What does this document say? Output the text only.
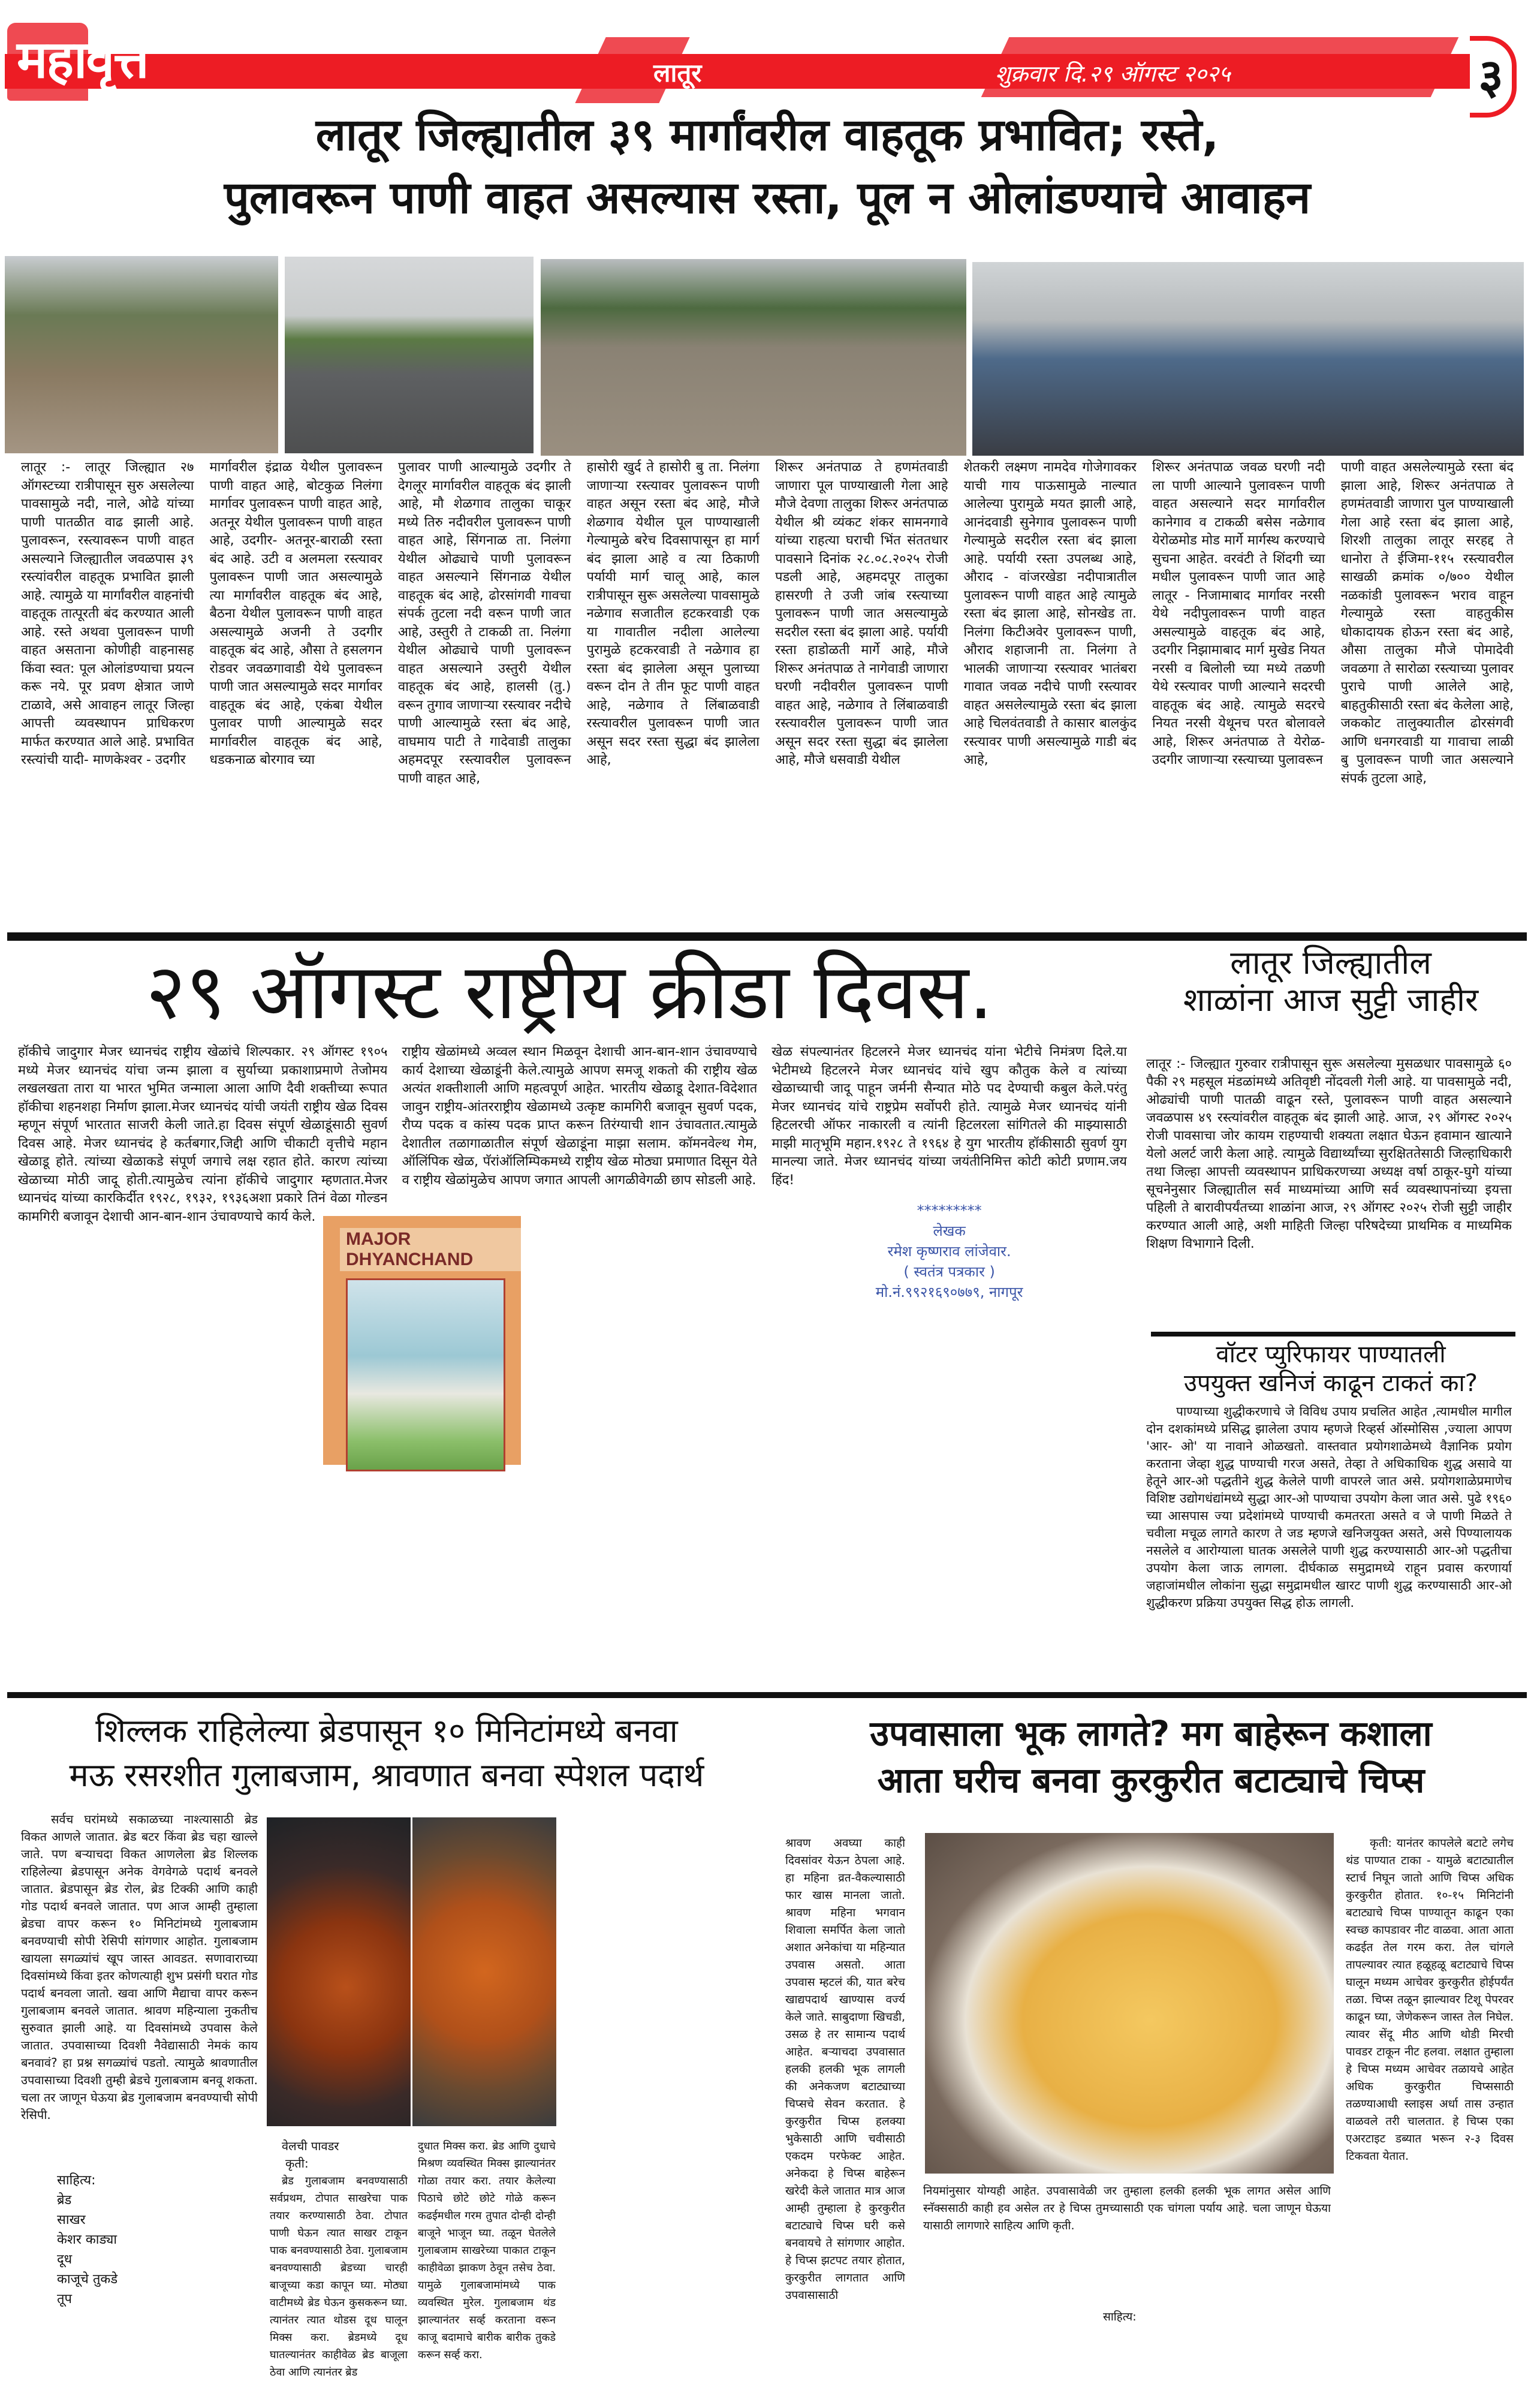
महावृत्त	लातूर	शुक्रवार दि.२९ ऑगस्ट २०२५	३
लातूर जिल्ह्यातील ३९ मार्गांवरील वाहतूक प्रभावित; रस्ते,
पुलावरून पाणी वाहत असल्यास रस्ता, पूल न ओलांडण्याचे आवाहन
लातूर :- लातूर जिल्ह्यात २७ ऑगस्टच्या रात्रीपासून सुरु असलेल्या पावसामुळे नदी, नाले, ओढे यांच्या पाणी पातळीत वाढ झाली आहे. पुलावरून, रस्त्यावरून पाणी वाहत असल्याने जिल्ह्यातील जवळपास ३९ रस्त्यांवरील वाहतूक प्रभावित झाली आहे. त्यामुळे या मार्गांवरील वाहनांची वाहतूक तात्पूरती बंद करण्यात आली आहे. रस्ते अथवा पुलावरून पाणी वाहत असताना कोणीही वाहनासह किंवा स्वत: पूल ओलांडण्याचा प्रयत्न करू नये. पूर प्रवण क्षेत्रात जाणे टाळावे, असे आवाहन लातूर जिल्हा आपत्ती व्यवस्थापन प्राधिकरण मार्फत करण्यात आले आहे. प्रभावित रस्त्यांची यादी- माणकेश्वर - उदगीर
मार्गावरील इंद्राळ येथील पुलावरून पाणी वाहत आहे, बोटकुळ निलंगा मार्गावर पुलावरून पाणी वाहत आहे, अतनूर येथील पुलावरून पाणी वाहत आहे, उदगीर- अतनूर-बाराळी रस्ता बंद आहे. उटी व अलमला रस्त्यावर पुलावरून पाणी जात असल्यामुळे त्या मार्गावरील वाहतूक बंद आहे, बैठना येथील पुलावरून पाणी वाहत असल्यामुळे अजनी ते उदगीर वाहतूक बंद आहे, औसा ते हसलगन रोडवर जवळगावाडी येथे पुलावरून पाणी जात असल्यामुळे सदर मार्गावर वाहतूक बंद आहे, एकंबा येथील पुलावर पाणी आल्यामुळे सदर मार्गावरील वाहतूक बंद आहे, धडकनाळ बोरगाव च्या
पुलावर पाणी आल्यामुळे उदगीर ते देगलूर मार्गावरील वाहतूक बंद झाली आहे, मौ शेळगाव तालुका चाकूर मध्ये तिरु नदीवरील पुलावरून पाणी वाहत आहे, सिंगनाळ ता. निलंगा येथील ओढ्याचे पाणी पुलावरून वाहत असल्याने सिंगनाळ येथील वाहतूक बंद आहे, ढोरसांगवी गावचा संपर्क तुटला नदी वरून पाणी जात आहे, उस्तुरी ते टाकळी ता. निलंगा येथील ओढ्याचे पाणी पुलावरून वाहत असल्याने उस्तुरी येथील वाहतूक बंद आहे, हालसी (तु.) वरून तुगाव जाणाऱ्या रस्त्यावर नदीचे पाणी आल्यामुळे रस्ता बंद आहे, वाघमाय पाटी ते गादेवाडी तालुका अहमदपूर रस्त्यावरील पुलावरून पाणी वाहत आहे,
हासोरी खुर्द ते हासोरी बु ता. निलंगा जाणाऱ्या रस्त्यावर पुलावरून पाणी वाहत असून रस्ता बंद आहे, मौजे शेळगाव येथील पूल पाण्याखाली गेल्यामुळे बरेच दिवसापासून हा मार्ग बंद झाला आहे व त्या ठिकाणी पर्यायी मार्ग चालू आहे, काल रात्रीपासून सुरू असलेल्या पावसामुळे नळेगाव सजातील हटकरवाडी एक या गावातील नदीला आलेल्या पुरामुळे हटकरवाडी ते नळेगाव हा रस्ता बंद झालेला असून पुलाच्या वरून दोन ते तीन फूट पाणी वाहत आहे, नळेगाव ते लिंबाळवाडी रस्त्यावरील पुलावरून पाणी जात असून सदर रस्ता सुद्धा बंद झालेला आहे,
शिरूर अनंतपाळ ते हणमंतवाडी जाणारा पूल पाण्याखाली गेला आहे मौजे देवणा तालुका शिरूर अनंतपाळ येथील श्री व्यंकट शंकर सामनगावे यांच्या राहत्या घराची भिंत संततधार पावसाने दिनांक २८.०८.२०२५ रोजी पडली आहे, अहमदपूर तालुका हासरणी ते उजी जांब रस्त्याच्या पुलावरून पाणी जात असल्यामुळे सदरील रस्ता बंद झाला आहे. पर्यायी रस्ता हाडोळती मार्गे आहे, मौजे शिरूर अनंतपाळ ते नागेवाडी जाणारा घरणी नदीवरील पुलावरून पाणी वाहत आहे, नळेगाव ते लिंबाळवाडी रस्त्यावरील पुलावरून पाणी जात असून सदर रस्ता सुद्धा बंद झालेला आहे, मौजे धसवाडी येथील
शेतकरी लक्ष्मण नामदेव गोजेगावकर याची गाय पाऊसामुळे नाल्यात आलेल्या पुरामुळे मयत झाली आहे, आनंदवाडी सुनेगाव पुलावरून पाणी गेल्यामुळे सदरील रस्ता बंद झाला आहे. पर्यायी रस्ता उपलब्ध आहे, औराद - वांजरखेडा नदीपात्रातील पुलावरून पाणी वाहत आहे त्यामुळे रस्ता बंद झाला आहे, सोनखेड ता. निलंगा किटीअवेर पुलावरून पाणी, औराद शहाजानी ता. निलंगा ते भालकी जाणाऱ्या रस्त्यावर भातंबरा गावात जवळ नदीचे पाणी रस्त्यावर वाहत असलेल्यामुळे रस्ता बंद झाला आहे चिलवंतवाडी ते कासार बालकुंद रस्त्यावर पाणी असल्यामुळे गाडी बंद आहे,
शिरूर अनंतपाळ जवळ घरणी नदी ला पाणी आल्याने पुलावरून पाणी वाहत असल्याने सदर मार्गावरील कानेगाव व टाकळी बसेस नळेगाव येरोळमोड मोड मार्गे मार्गस्थ करण्याचे सुचना आहेत. वरवंटी ते शिंदगी च्या मधील पुलावरून पाणी जात आहे लातूर - निजामाबाद मार्गावर नरसी येथे नदीपुलावरून पाणी वाहत असल्यामुळे वाहतूक बंद आहे, उदगीर निझामाबाद मार्ग मुखेड नियत नरसी व बिलोली च्या मध्ये तळणी येथे रस्त्यावर पाणी आल्याने सदरची वाहतूक बंद आहे. त्यामुळे सदरचे नियत नरसी येथूनच परत बोलावले आहे, शिरूर अनंतपाळ ते येरोळ-उदगीर जाणाऱ्या रस्त्याच्या पुलावरून
पाणी वाहत असलेल्यामुळे रस्ता बंद झाला आहे, शिरूर अनंतपाळ ते हणमंतवाडी जाणारा पुल पाण्याखाली गेला आहे रस्ता बंद झाला आहे, शिरशी तालुका लातूर सरहद्द ते धानोरा ते ईजिमा-११५ रस्त्यावरील साखळी क्रमांक ०/७०० येथील नळकांडी पुलावरून भराव वाहून गेल्यामुळे रस्ता वाहतुकीस धोकादायक होऊन रस्ता बंद आहे, औसा तालुका मौजे पोमादेवी जवळगा ते सारोळा रस्त्याच्या पुलावर पुराचे पाणी आलेले आहे, बाहतुकीसाठी रस्ता बंद केलेला आहे, जककोट तालुक्यातील ढोरसंगवी आणि धनगरवाडी या गावाचा लाळी बु पुलावरून पाणी जात असल्याने संपर्क तुटला आहे,
२९ ऑगस्ट राष्ट्रीय क्रीडा दिवस.

हॉकीचे जादुगार मेजर ध्यानचंद राष्ट्रीय खेळांचे शिल्पकार. २९ ऑगस्ट १९०५ मध्ये मेजर ध्यानचंद यांचा जन्म झाला व सुर्याच्या प्रकाशाप्रमाणे तेजोमय लखलखता तारा या भारत भुमित जन्माला आला आणि दैवी शक्तीच्या रूपात हॉकीचा शहनशहा निर्माण झाला.मेजर ध्यानचंद यांची जयंती राष्ट्रीय खेळ दिवस म्हणून संपूर्ण भारतात साजरी केली जाते.हा दिवस संपूर्ण खेळाडूंसाठी सुवर्ण दिवस आहे. मेजर ध्यानचंद हे कर्तबगार,जिद्दी आणि चीकाटी वृत्तीचे महान खेळाडू होते. त्यांच्या खेळाकडे संपूर्ण जगाचे लक्ष रहात होते. कारण त्यांच्या खेळाच्या मोठी जादू होती.त्यामुळेच त्यांना हॉकीचे जादुगार म्हणतात.मेजर ध्यानचंद यांच्या कारकिर्दीत १९२८, १९३२, १९३६अशा प्रकारे तिनं वेळा गोल्डन कामगिरी बजावून देशाची आन-बान-शान उंचावण्याचे कार्य केले.

राष्ट्रीय खेळांमध्ये अव्वल स्थान मिळवून देशाची आन-बान-शान उंचावण्याचे कार्य देशाच्या खेळाडूंनी केले.त्यामुळे आपण समजू शकतो की राष्ट्रीय खेळ अत्यंत शक्तीशाली आणि महत्वपूर्ण आहेत. भारतीय खेळाडू देशात-विदेशात जावुन राष्ट्रीय-आंतरराष्ट्रीय खेळामध्ये उत्कृष्ट कामगिरी बजावून सुवर्ण पदक, रौप्य पदक व कांस्य पदक प्राप्त करून तिरंग्याची शान उंचावतात.त्यामुळे देशातील तळागाळातील संपूर्ण खेळाडूंना माझा सलाम. कॉमनवेल्थ गेम, ऑलिंपिक खेळ, पॅरांऑलिम्पिकमध्ये राष्ट्रीय खेळ मोठ्या प्रमाणात दिसून येते व राष्ट्रीय खेळांमुळेच आपण जगात आपली आगळीवेगळी छाप सोडली आहे.

खेळ संपल्यानंतर हिटलरने मेजर ध्यानचंद यांना भेटीचे निमंत्रण दिले.या भेटीमध्ये हिटलरने मेजर ध्यानचंद यांचे खुप कौतुक केले व त्यांच्या खेळाच्याची जादू पाहून जर्मनी सैन्यात मोठे पद देण्याची कबुल केले.परंतु मेजर ध्यानचंद यांचे राष्ट्रप्रेम सर्वोपरी होते. त्यामुळे मेजर ध्यानचंद यांनी हिटलरची ऑफर नाकारली व त्यांनी हिटलरला सांगितले की माझ्यासाठी माझी मातृभूमि महान.१९२८ ते १९६४ हे युग भारतीय हॉकीसाठी सुवर्ण युग मानल्या जाते. मेजर ध्यानचंद यांच्या जयंतीनिमित्त कोटी कोटी प्रणाम.जय हिंद!

*********
लेखक
रमेश कृष्णराव लांजेवार.
( स्वतंत्र पत्रकार )
मो.नं.९९२१६९०७७९, नागपूर
MAJOR DHYANCHAND
लातूर जिल्ह्यातील
शाळांना आज सुट्टी जाहीर
लातूर :- जिल्ह्यात गुरुवार रात्रीपासून सुरू असलेल्या मुसळधार पावसामुळे ६० पैकी २९ महसूल मंडळांमध्ये अतिवृष्टी नोंदवली गेली आहे. या पावसामुळे नदी, ओढ्यांची पाणी पातळी वाढून रस्ते, पुलावरून पाणी वाहत असल्याने जवळपास ४९ रस्त्यांवरील वाहतूक बंद झाली आहे. आज, २९ ऑगस्ट २०२५ रोजी पावसाचा जोर कायम राहण्याची शक्यता लक्षात घेऊन हवामान खात्याने येलो अलर्ट जारी केला आहे. त्यामुळे विद्यार्थ्यांच्या सुरक्षिततेसाठी जिल्हाधिकारी तथा जिल्हा आपत्ती व्यवस्थापन प्राधिकरणच्या अध्यक्ष वर्षा ठाकूर-घुगे यांच्या सूचनेनुसार जिल्ह्यातील सर्व माध्यमांच्या आणि सर्व व्यवस्थापनांच्या इयत्ता पहिली ते बारावीपर्यंतच्या शाळांना आज, २९ ऑगस्ट २०२५ रोजी सुट्टी जाहीर करण्यात आली आहे, अशी माहिती जिल्हा परिषदेच्या प्राथमिक व माध्यमिक शिक्षण विभागाने दिली.
वॉटर प्युरिफायर पाण्यातली
उपयुक्त खनिजं काढून टाकतं का?
पाण्याच्या शुद्धीकरणाचे जे विविध उपाय प्रचलित आहेत ,त्यामधील मागील दोन दशकांमध्ये प्रसिद्ध झालेला उपाय म्हणजे रिव्हर्स ऑस्मोसिस ,ज्याला आपण 'आर- ओ' या नावाने ओळखतो. वास्तवात प्रयोगशाळेमध्ये वैज्ञानिक प्रयोग करताना जेव्हा शुद्ध पाण्याची गरज असते, तेव्हा ते अधिकाधिक शुद्ध असावे या हेतूने आर-ओ पद्धतीने शुद्ध केलेले पाणी वापरले जात असे. प्रयोगशाळेप्रमाणेच विशिष्ट उद्योगधंद्यांमध्ये सुद्धा आर-ओ पाण्याचा उपयोग केला जात असे. पुढे १९६० च्या आसपास ज्या प्रदेशांमध्ये पाण्याची कमतरता असते व जे पाणी मिळते ते चवीला मचूळ लागते कारण ते जड म्हणजे खनिजयुक्त असते, असे पिण्यालायक नसलेले व आरोग्याला घातक असलेले पाणी शुद्ध करण्यासाठी आर-ओ पद्धतीचा उपयोग केला जाऊ लागला. दीर्घकाळ समुद्रामध्ये राहून प्रवास करणार्या जहाजांमधील लोकांना सुद्धा समुद्रामधील खारट पाणी शुद्ध करण्यासाठी आर-ओ शुद्धीकरण प्रक्रिया उपयुक्त सिद्ध होऊ लागली.
शिल्लक राहिलेल्या ब्रेडपासून १० मिनिटांमध्ये बनवा
मऊ रसरशीत गुलाबजाम, श्रावणात बनवा स्पेशल पदार्थ
सर्वच घरांमध्ये सकाळच्या नाश्त्यासाठी ब्रेड विकत आणले जातात. ब्रेड बटर किंवा ब्रेड चहा खाल्ले जाते. पण बऱ्याचदा विकत आणलेला ब्रेड शिल्लक राहिलेल्या ब्रेडपासून अनेक वेगवेगळे पदार्थ बनवले जातात. ब्रेडपासून ब्रेड रोल, ब्रेड टिक्की आणि काही गोड पदार्थ बनवले जातात. पण आज आम्ही तुम्हाला ब्रेडचा वापर करून १० मिनिटांमध्ये गुलाबजाम बनवण्याची सोपी रेसिपी सांगणार आहोत. गुलाबजाम खायला सगळ्यांचं खूप जास्त आवडत. सणावाराच्या दिवसांमध्ये किंवा इतर कोणत्याही शुभ प्रसंगी घरात गोड पदार्थ बनवला जातो. खवा आणि मैद्याचा वापर करून गुलाबजाम बनवले जातात. श्रावण महिन्याला नुकतीच सुरुवात झाली आहे. या दिवसांमध्ये उपवास केले जातात. उपवासाच्या दिवशी नैवेद्यासाठी नेमकं काय बनवावं? हा प्रश्न सगळ्यांचं पडतो. त्यामुळे श्रावणातील उपवासाच्या दिवशी तुम्ही ब्रेडचे गुलाबजाम बनवू शकता. चला तर जाणून घेऊया ब्रेड गुलाबजाम बनवण्याची सोपी रेसिपी.
साहित्य:
ब्रेड
साखर
केशर काड्या
दूध
काजूचे तुकडे
तूप
वेलची पावडर
कृती:
ब्रेड गुलाबजाम बनवण्यासाठी सर्वप्रथम, टोपात साखरेचा पाक तयार करण्यासाठी ठेवा. टोपात पाणी घेऊन त्यात साखर टाकून पाक बनवण्यासाठी ठेवा. गुलाबजाम बनवण्यासाठी ब्रेडच्या चारही बाजूच्या कडा कापून घ्या. मोठ्या वाटीमध्ये ब्रेड घेऊन कुसकरून घ्या. त्यानंतर त्यात थोडस दूध घालून मिक्स करा. ब्रेडमध्ये दूध घातल्यानंतर काहीवेळ ब्रेड बाजूला ठेवा आणि त्यानंतर ब्रेड
दुधात मिक्स करा. ब्रेड आणि दुधाचे मिश्रण व्यवस्थित मिक्स झाल्यानंतर गोळा तयार करा. तयार केलेल्या पिठाचे छोटे छोटे गोळे करून कढईमधील गरम तुपात दोन्ही दोन्ही बाजूने भाजून घ्या. तळून घेतलेले गुलाबजाम साखरेच्या पाकात टाकून काहीवेळा झाकण ठेवून तसेच ठेवा. यामुळे गुलाबजामांमध्ये पाक व्यवस्थित मुरेल. गुलाबजाम थंड झाल्यानंतर सर्व्ह करताना वरून काजू बदामाचे बारीक बारीक तुकडे करून सर्व्ह करा.
उपवासाला भूक लागते? मग बाहेरून कशाला
आता घरीच बनवा कुरकुरीत बटाट्याचे चिप्स
श्रावण अवघ्या काही दिवसांवर येऊन ठेपला आहे. हा महिना व्रत-वैकल्यासाठी फार खास मानला जातो. श्रावण महिना भगवान शिवाला समर्पित केला जातो अशात अनेकांचा या महिन्यात उपवास असतो. आता उपवास म्हटलं की, यात बरेच खाद्यपदार्थ खाण्यास वर्ज्य केले जाते. साबुदाणा खिचडी, उसळ हे तर सामान्य पदार्थ आहेत. बऱ्याचदा उपवासात हलकी हलकी भूक लागली की अनेकजण बटाट्याच्या चिप्सचे सेवन करतात. हे कुरकुरीत चिप्स हलक्या भुकेसाठी आणि चवीसाठी एकदम परफेक्ट आहेत. अनेकदा हे चिप्स बाहेरून खरेदी केले जातात मात्र आज आम्ही तुम्हाला हे कुरकुरीत बटाट्याचे चिप्स घरी कसे बनवायचे ते सांगणार आहोत. हे चिप्स झटपट तयार होतात, कुरकुरीत लागतात आणि उपवासासाठी
नियमांनुसार योग्यही आहेत. उपवासावेळी जर तुम्हाला हलकी हलकी भूक लागत असेल आणि स्नॅक्ससाठी काही हव असेल तर हे चिप्स तुमच्यासाठी एक चांगला पर्याय आहे. चला जाणून घेऊया यासाठी लागणारे साहित्य आणि कृती.
साहित्य:
कृती: यानंतर कापलेले बटाटे लगेच थंड पाण्यात टाका - यामुळे बटाट्यातील स्टार्च निघून जातो आणि चिप्स अधिक कुरकुरीत होतात. १०-१५ मिनिटांनी बटाट्याचे चिप्स पाण्यातून काढून एका स्वच्छ कापडावर नीट वाळवा. आता आता कढईत तेल गरम करा. तेल चांगले तापल्यावर त्यात हळूहळू बटाट्याचे चिप्स घालून मध्यम आचेवर कुरकुरीत होईपर्यंत तळा. चिप्स तळून झाल्यावर टिशू पेपरवर काढून घ्या, जेणेकरून जास्त तेल निघेल. त्यावर सेंदू मीठ आणि थोडी मिरची पावडर टाकून नीट हलवा. लक्षात तुम्हाला हे चिप्स मध्यम आचेवर तळायचे आहेत अधिक कुरकुरीत चिप्ससाठी तळण्याआधी स्लाइस अर्धा तास उन्हात वाळवले तरी चालतात. हे चिप्स एका एअरटाइट डब्यात भरून २-३ दिवस टिकवता येतात.
